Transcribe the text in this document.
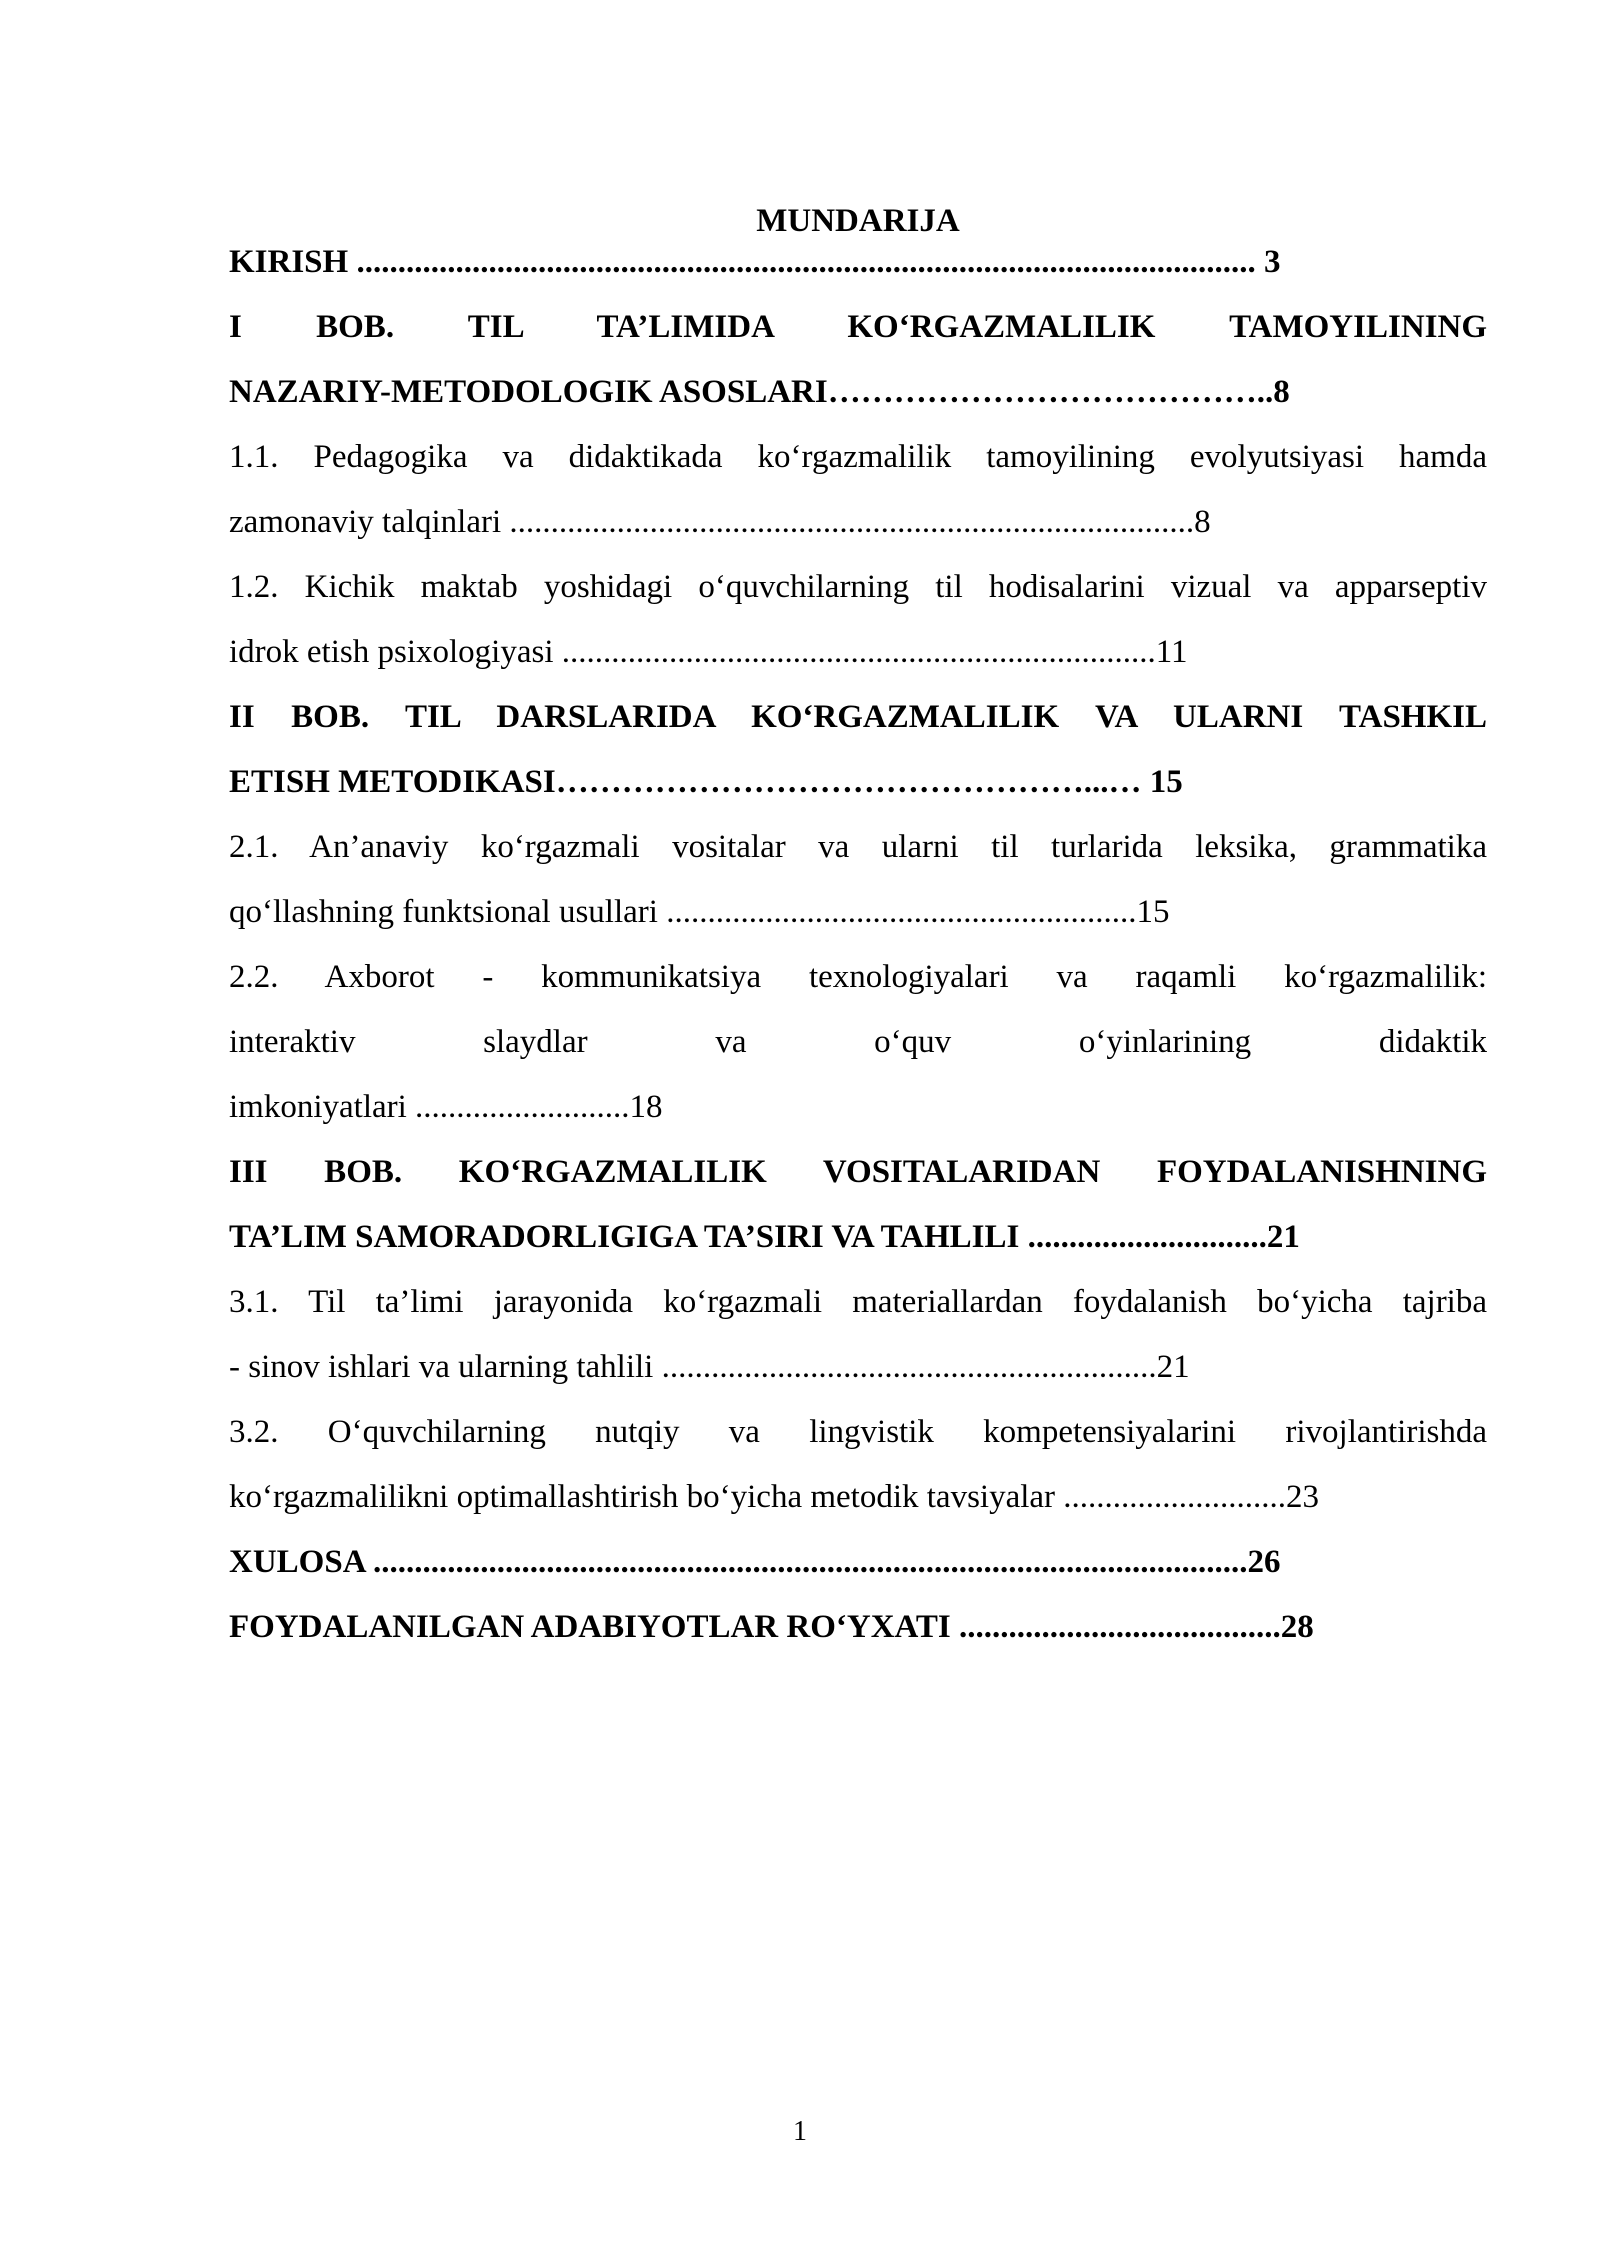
MUNDARIJA
KIRISH ............................................................................................................. 3
I BOB. TIL TA’LIMIDA KO‘RGAZMALILIK TAMOYILINING
NAZARIY-METODOLOGIK ASOSLARI…………………………………..8
1.1. Pedagogika va didaktikada ko‘rgazmalilik tamoyilining evolyutsiyasi hamda
zamonaviy talqinlari ...................................................................................8
1.2. Kichik maktab yoshidagi o‘quvchilarning til hodisalarini vizual va apparseptiv
idrok etish psixologiyasi ........................................................................11
II BOB. TIL DARSLARIDA KO‘RGAZMALILIK VA ULARNI TASHKIL
ETISH METODIKASI…………………………………………...… 15
2.1. An’anaviy ko‘rgazmali vositalar va ularni til turlarida leksika, grammatika
qo‘llashning funktsional usullari .........................................................15
2.2. Axborot - kommunikatsiya texnologiyalari va raqamli ko‘rgazmalilik:
interaktiv slaydlar va o‘quv o‘yinlarining didaktik
imkoniyatlari ..........................18
III BOB. KO‘RGAZMALILIK VOSITALARIDAN FOYDALANISHNING
TA’LIM SAMORADORLIGIGA TA’SIRI VA TAHLILI .............................21
3.1. Til ta’limi jarayonida ko‘rgazmali materiallardan foydalanish bo‘yicha tajriba
- sinov ishlari va ularning tahlili ............................................................21
3.2. O‘quvchilarning nutqiy va lingvistik kompetensiyalarini rivojlantirishda
ko‘rgazmalilikni optimallashtirish bo‘yicha metodik tavsiyalar ...........................23
XULOSA ..........................................................................................................26
FOYDALANILGAN ADABIYOTLAR RO‘YXATI .......................................28
1
